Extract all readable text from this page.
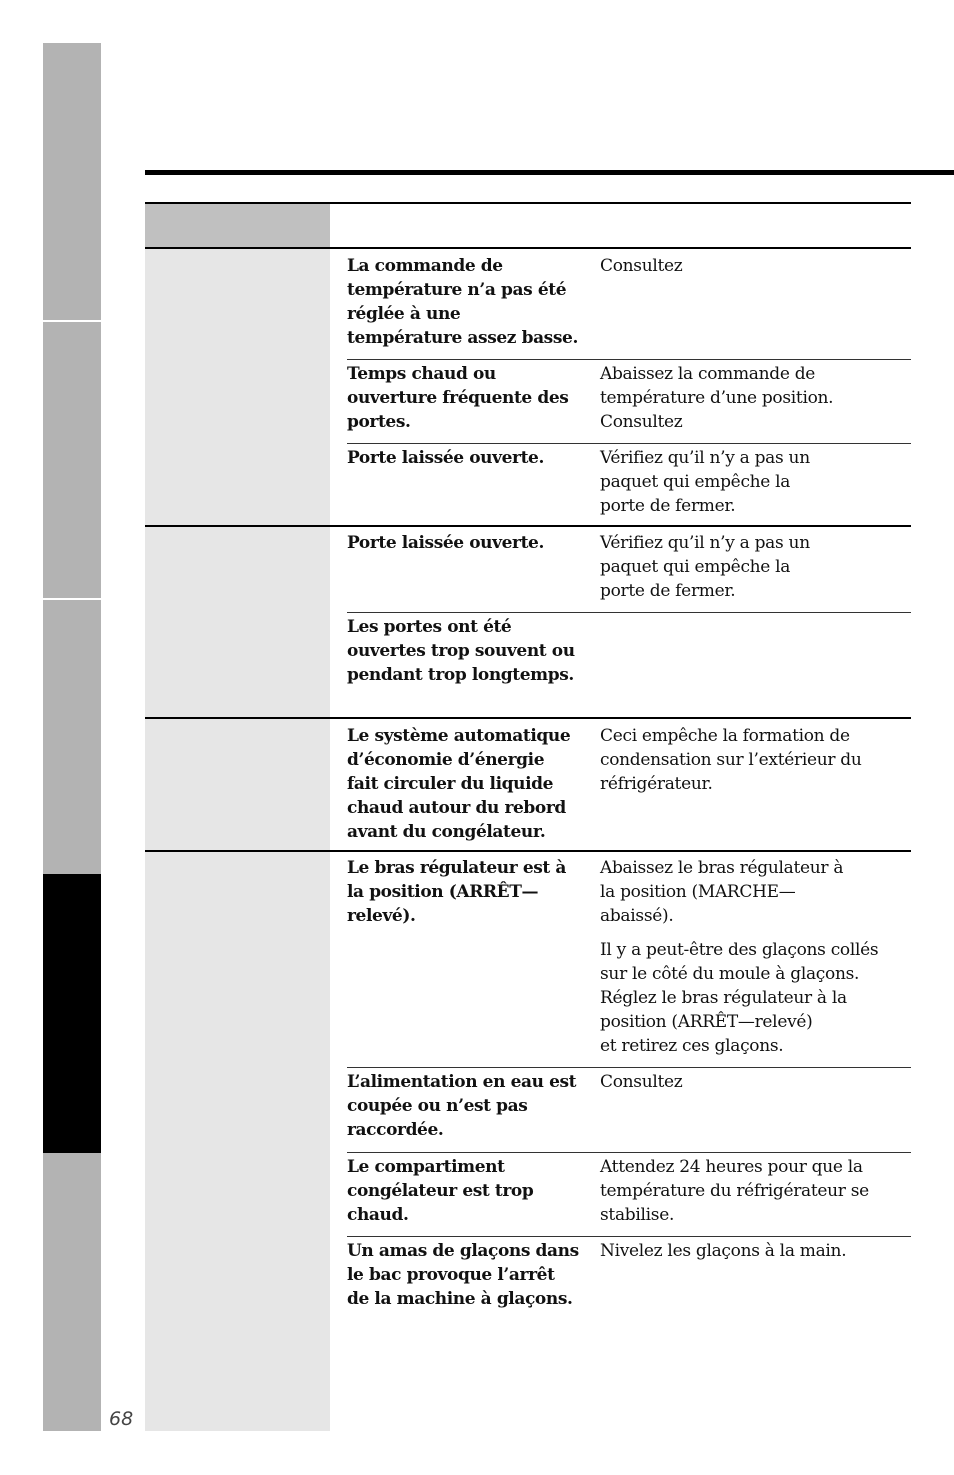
68
La commande de température n’a pas été réglée à une température assez basse.
Consultez
Temps chaud ou ouverture fréquente des portes.
Abaissez la commande de
température d’une position.
Consultez
Porte laissée ouverte.	Vérifiez qu’il n’y a pas un
paquet qui empêche la
porte de fermer.
Porte laissée ouverte.	Vérifiez qu’il n’y a pas un
paquet qui empêche la
porte de fermer.
Les portes ont été ouvertes trop souvent ou pendant trop longtemps.
Le système automatique d’économie d’énergie fait circuler du liquide chaud autour du rebord avant du congélateur.
Ceci empêche la formation de
condensation sur l’extérieur du
réfrigérateur.
Le bras régulateur est à la position (ARRÊT—relevé).
Abaissez le bras régulateur à
la position (MARCHE—
abaissé).
Il y a peut-être des glaçons collés
sur le côté du moule à glaçons.
Réglez le bras régulateur à la
position (ARRÊT—relevé)
et retirez ces glaçons.
L’alimentation en eau est coupée ou n’est pas raccordée.
Consultez
Le compartiment congélateur est trop chaud.
Attendez 24 heures pour que la
température du réfrigérateur se
stabilise.
Un amas de glaçons dans le bac provoque l’arrêt de la machine à glaçons.
Nivelez les glaçons à la main.
